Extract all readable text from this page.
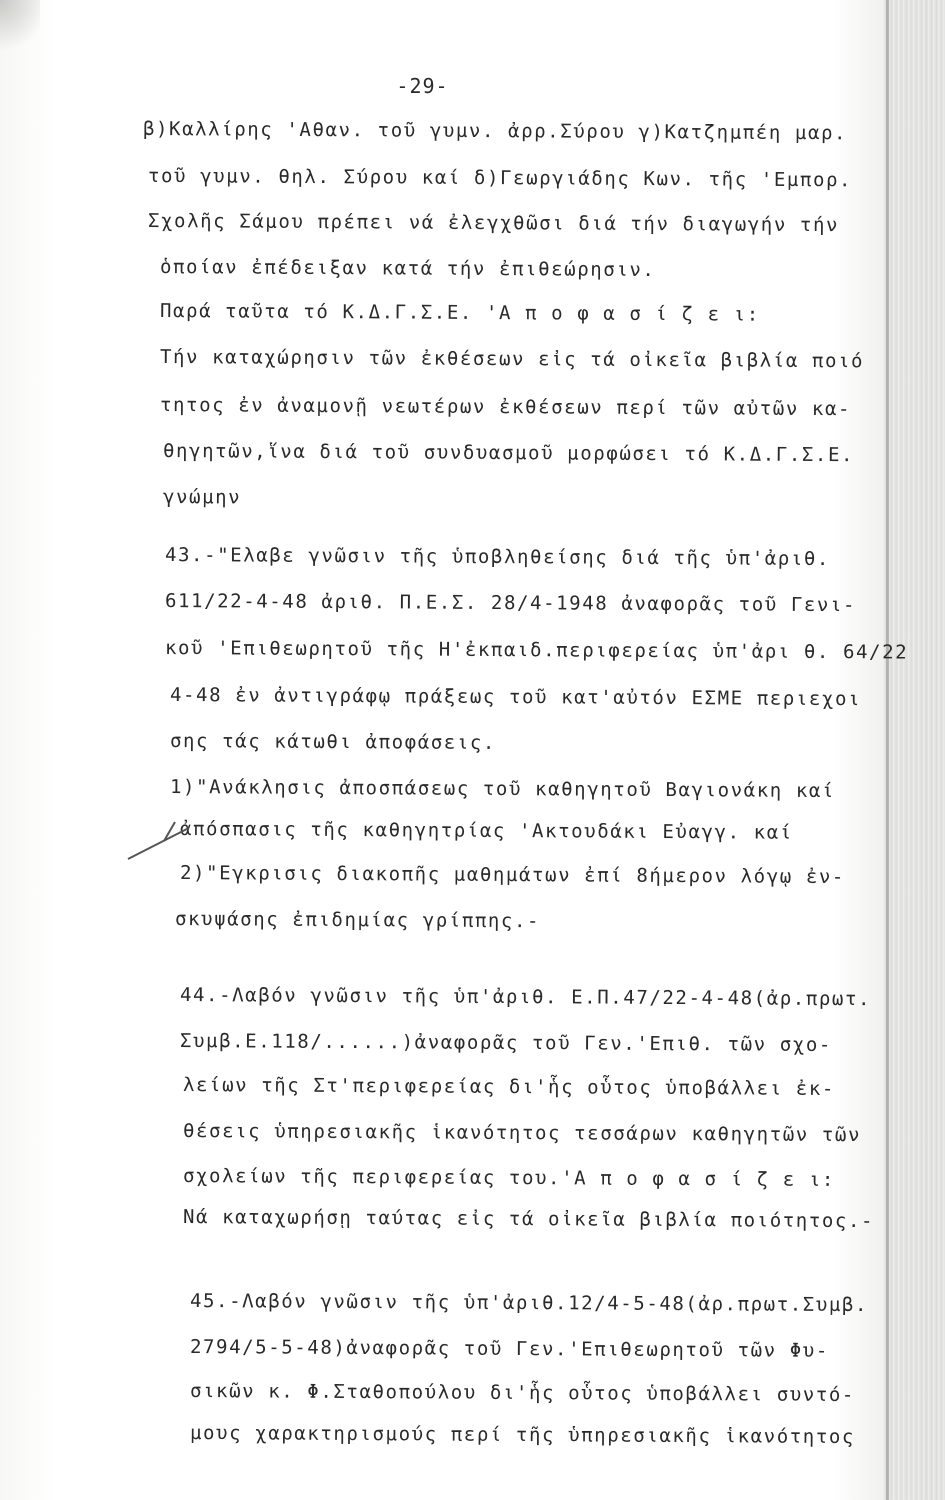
-29-
β)Καλλίρης 'Αθαν. τοῦ γυμν. ἀρρ.Σύρου γ)Κατζημπέη μαρ.
τοῦ γυμν. θηλ. Σύρου καί δ)Γεωργιάδης Κων. τῆς 'Εμπορ.
Σχολῆς Σάμου πρέπει νά ἐλεγχθῶσι διά τήν διαγωγήν τήν
ὁποίαν ἐπέδειξαν κατά τήν ἐπιθεώρησιν.
Παρά ταῦτα τό Κ.Δ.Γ.Σ.Ε. 'Α π ο φ α σ ί ζ ε ι:
Τήν καταχώρησιν τῶν ἐκθέσεων εἰς τά οἰκεῖα βιβλία ποιό
τητος ἐν ἀναμονῇ νεωτέρων ἐκθέσεων περί τῶν αὐτῶν κα-
θηγητῶν,ἵνα διά τοῦ συνδυασμοῦ μορφώσει τό Κ.Δ.Γ.Σ.Ε.
γνώμην
43.-"Ελαβε γνῶσιν τῆς ὑποβληθείσης διά τῆς ὑπ'ἀριθ.
611/22-4-48 ἀριθ. Π.Ε.Σ. 28/4-1948 ἀναφορᾶς τοῦ Γενι-
κοῦ 'Επιθεωρητοῦ τῆς Η'ἐκπαιδ.περιφερείας ὑπ'ἀρι θ. 64/22
4-48 ἐν ἀντιγράφῳ πράξεως τοῦ κατ'αὐτόν ΕΣΜΕ περιεχοι
σης τάς κάτωθι ἀποφάσεις.
1)"Ανάκλησις ἀποσπάσεως τοῦ καθηγητοῦ Βαγιονάκη καί
ἀπόσπασις τῆς καθηγητρίας 'Ακτουδάκι Εὐαγγ. καί
2)"Εγκρισις διακοπῆς μαθημάτων ἐπί 8ήμερον λόγῳ ἐν-
σκυψάσης ἐπιδημίας γρίππης.-
44.-Λαβόν γνῶσιν τῆς ὑπ'ἀριθ. Ε.Π.47/22-4-48(ἀρ.πρωτ.
Συμβ.Ε.118/......)ἀναφορᾶς τοῦ Γεν.'Επιθ. τῶν σχο-
λείων τῆς Στ'περιφερείας δι'ἧς οὗτος ὑποβάλλει ἐκ-
θέσεις ὑπηρεσιακῆς ἱκανότητος τεσσάρων καθηγητῶν τῶν
σχολείων τῆς περιφερείας του.'Α π ο φ α σ ί ζ ε ι:
Νά καταχωρήσῃ ταύτας εἰς τά οἰκεῖα βιβλία ποιότητος.-
45.-Λαβόν γνῶσιν τῆς ὑπ'ἀριθ.12/4-5-48(ἀρ.πρωτ.Συμβ.
2794/5-5-48)ἀναφορᾶς τοῦ Γεν.'Επιθεωρητοῦ τῶν Φυ-
σικῶν κ. Φ.Σταθοπούλου δι'ἧς οὗτος ὑποβάλλει συντό-
μους χαρακτηρισμούς περί τῆς ὑπηρεσιακῆς ἱκανότητος
